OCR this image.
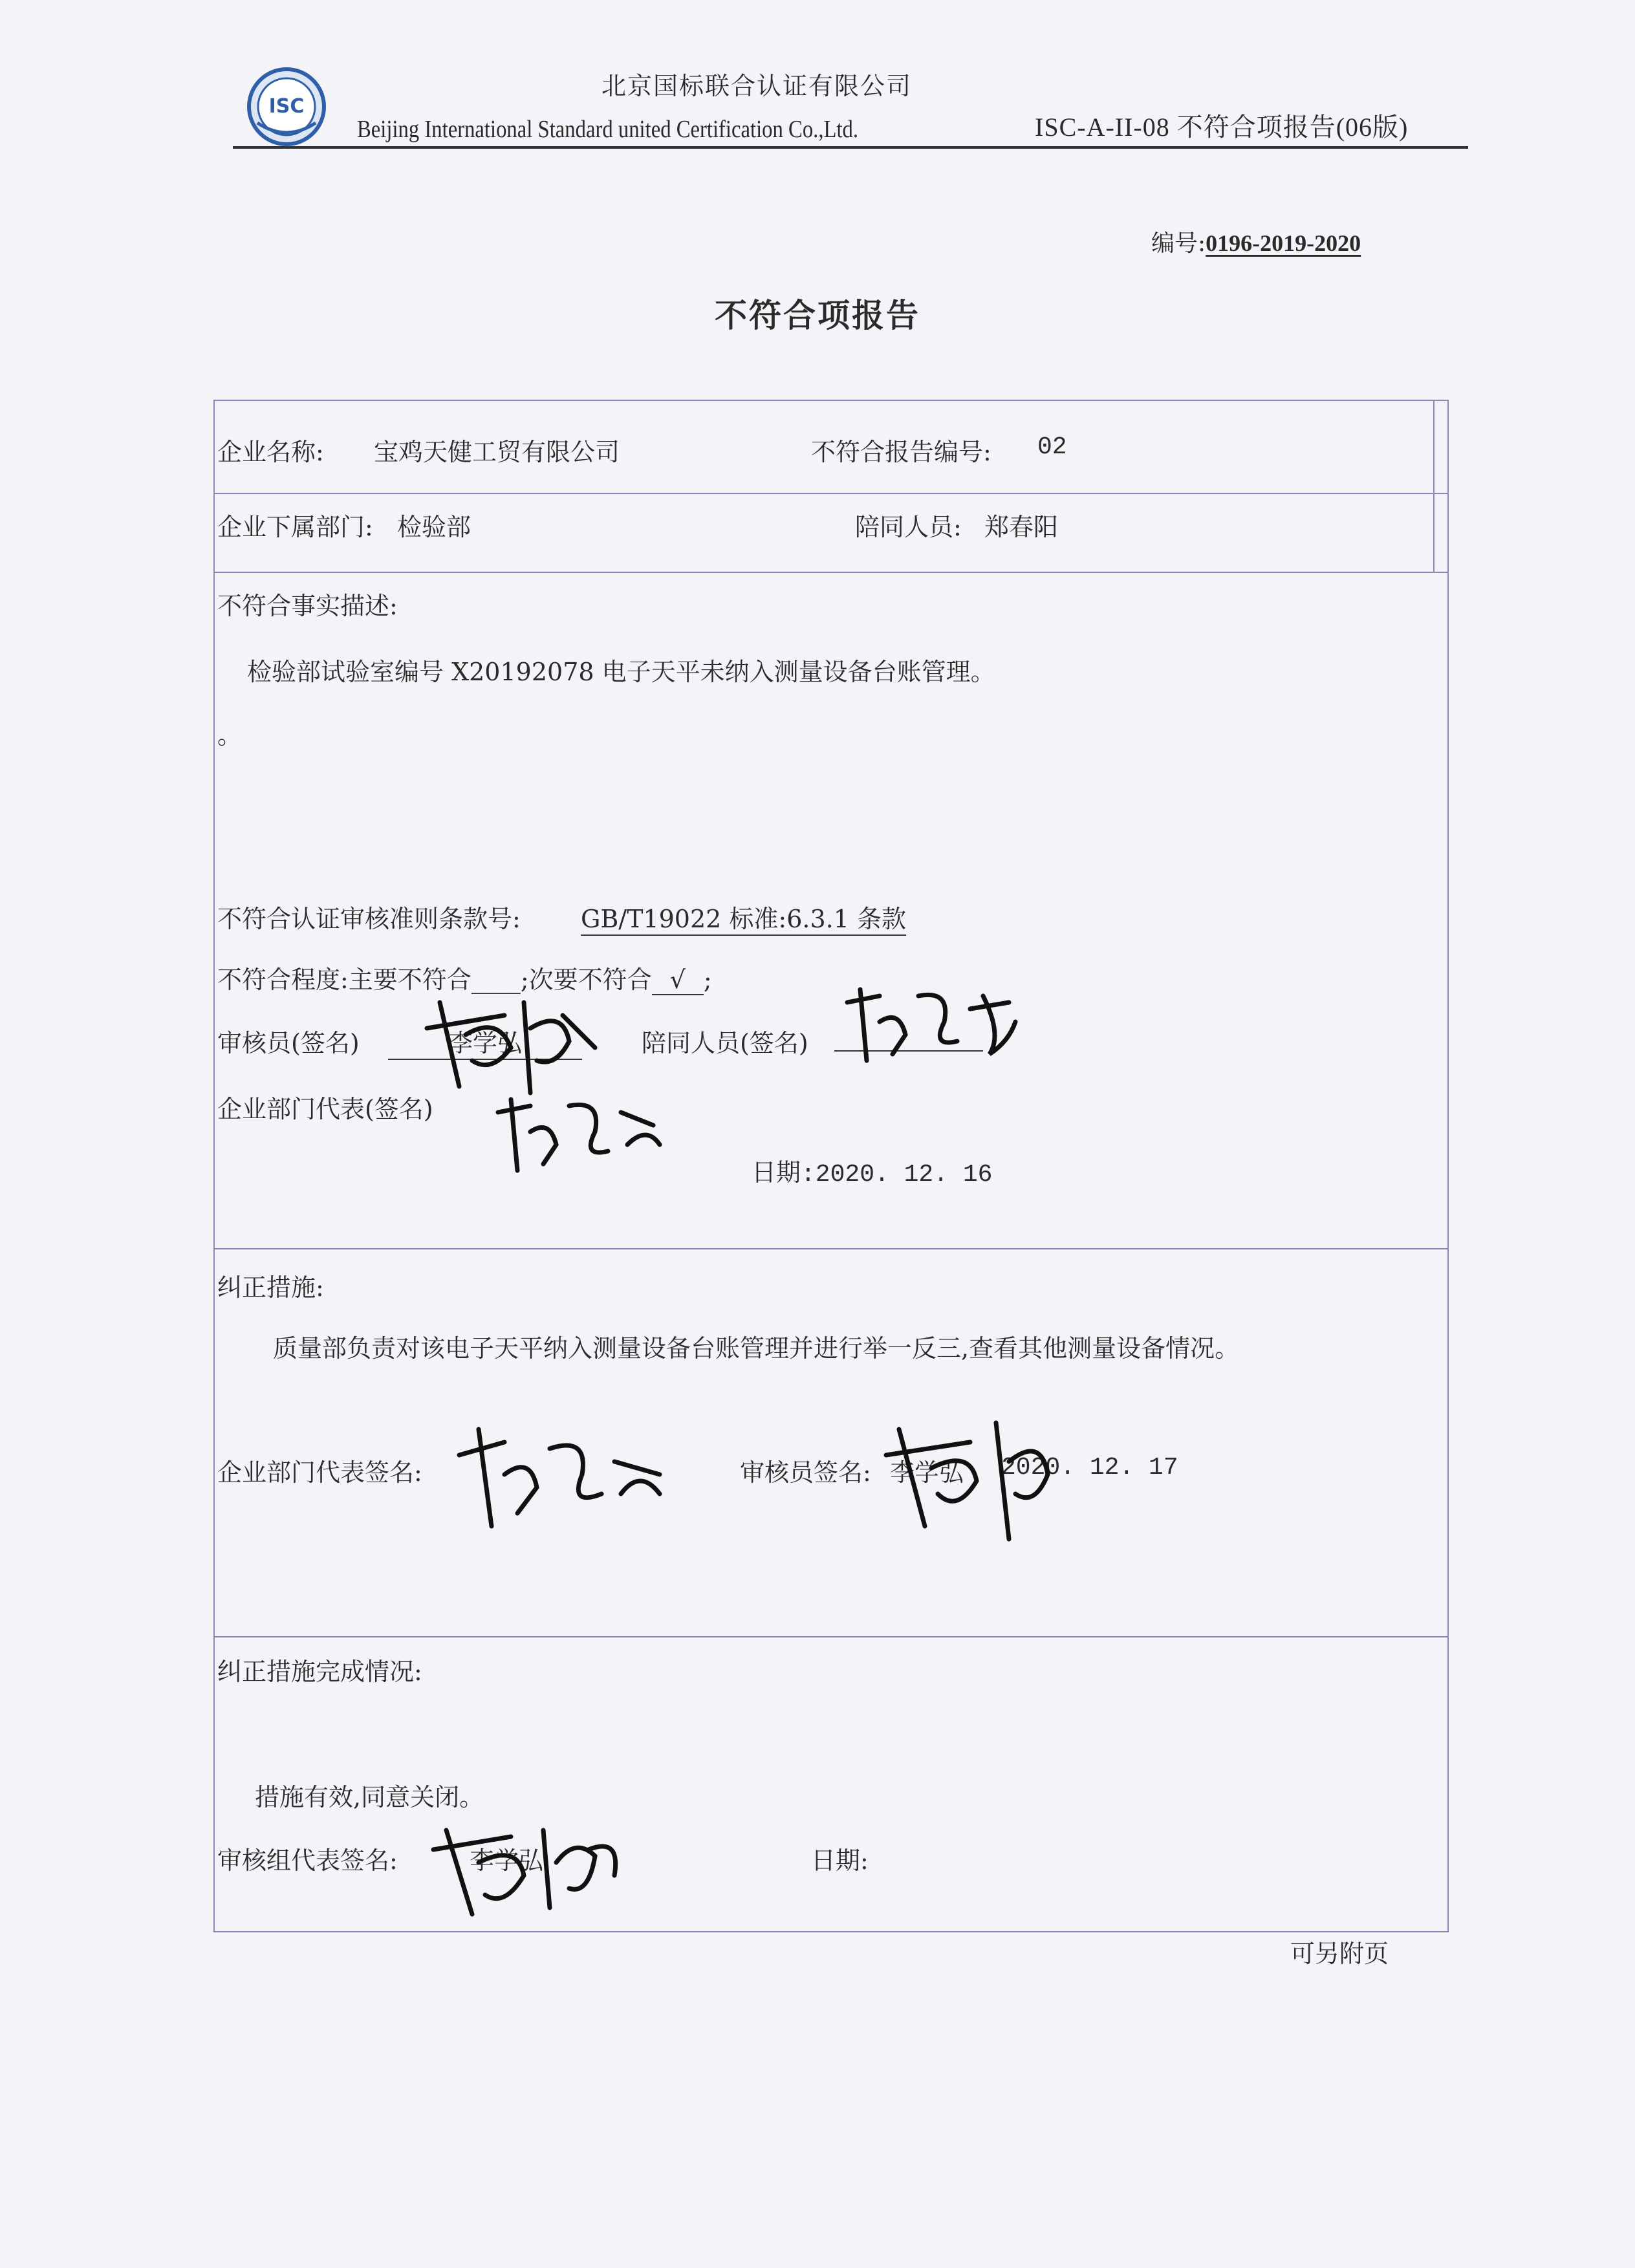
ISC
北京国标联合认证有限公司
Beijing International Standard united Certification Co.,Ltd.	ISC-A-II-08 不符合项报告(06版)
编号:0196-2019-2020
不符合项报告
企业名称: 宝鸡天健工贸有限公司	不符合报告编号: 02
企业下属部门: 检验部	陪同人员: 郑春阳
不符合事实描述:
检验部试验室编号 X20192078 电子天平未纳入测量设备台账管理。
。
不符合认证审核准则条款号: GB/T19022 标准:6.3.1 条款
不符合程度:主要不符合____;次要不符合 √ ;
审核员(签名)	李学弘	陪同人员(签名)
企业部门代表(签名)
日期:2020. 12. 16
纠正措施:
质量部负责对该电子天平纳入测量设备台账管理并进行举一反三,查看其他测量设备情况。
企业部门代表签名:	审核员签名: 李学弘 2020. 12. 17
纠正措施完成情况:
措施有效,同意关闭。
审核组代表签名:	李学弘	日期:
可另附页
